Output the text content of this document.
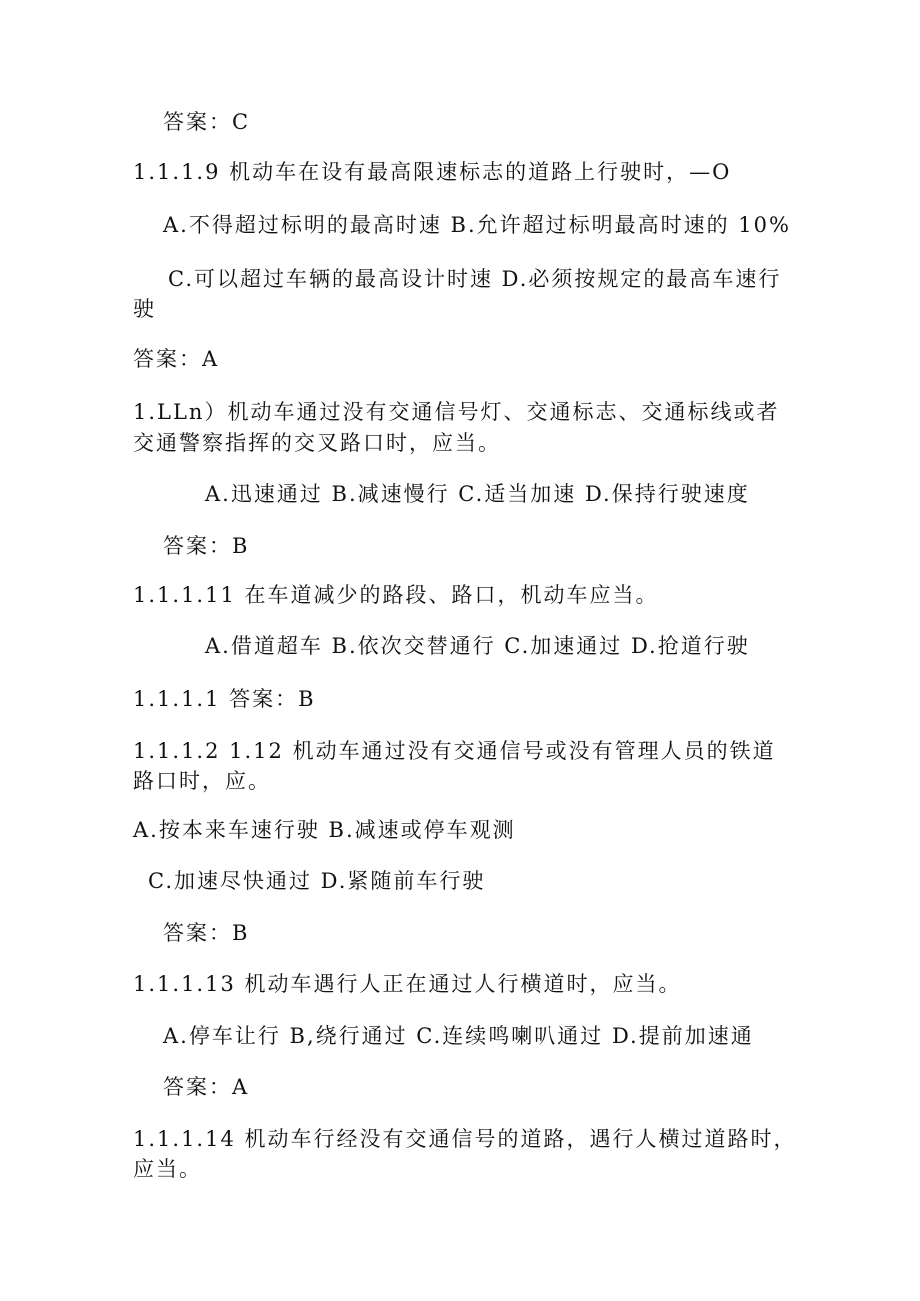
答案：C
1.1.1.9 机动车在设有最高限速标志的道路上行驶时，—O
A.不得超过标明的最高时速 B.允许超过标明最高时速的 10%
C.可以超过车辆的最高设计时速 D.必须按规定的最高车速行
驶
答案：A
1.LLn）机动车通过没有交通信号灯、交通标志、交通标线或者
交通警察指挥的交叉路口时，应当。
A.迅速通过 B.减速慢行 C.适当加速 D.保持行驶速度
答案：B
1.1.1.11 在车道减少的路段、路口，机动车应当。
A.借道超车 B.依次交替通行 C.加速通过 D.抢道行驶
1.1.1.1 答案：B
1.1.1.2 1.12 机动车通过没有交通信号或没有管理人员的铁道
路口时，应。
A.按本来车速行驶 B.减速或停车观测
C.加速尽快通过 D.紧随前车行驶
答案：B
1.1.1.13 机动车遇行人正在通过人行横道时，应当。
A.停车让行 B,绕行通过 C.连续鸣喇叭通过 D.提前加速通
答案：A
1.1.1.14 机动车行经没有交通信号的道路，遇行人横过道路时，
应当。
